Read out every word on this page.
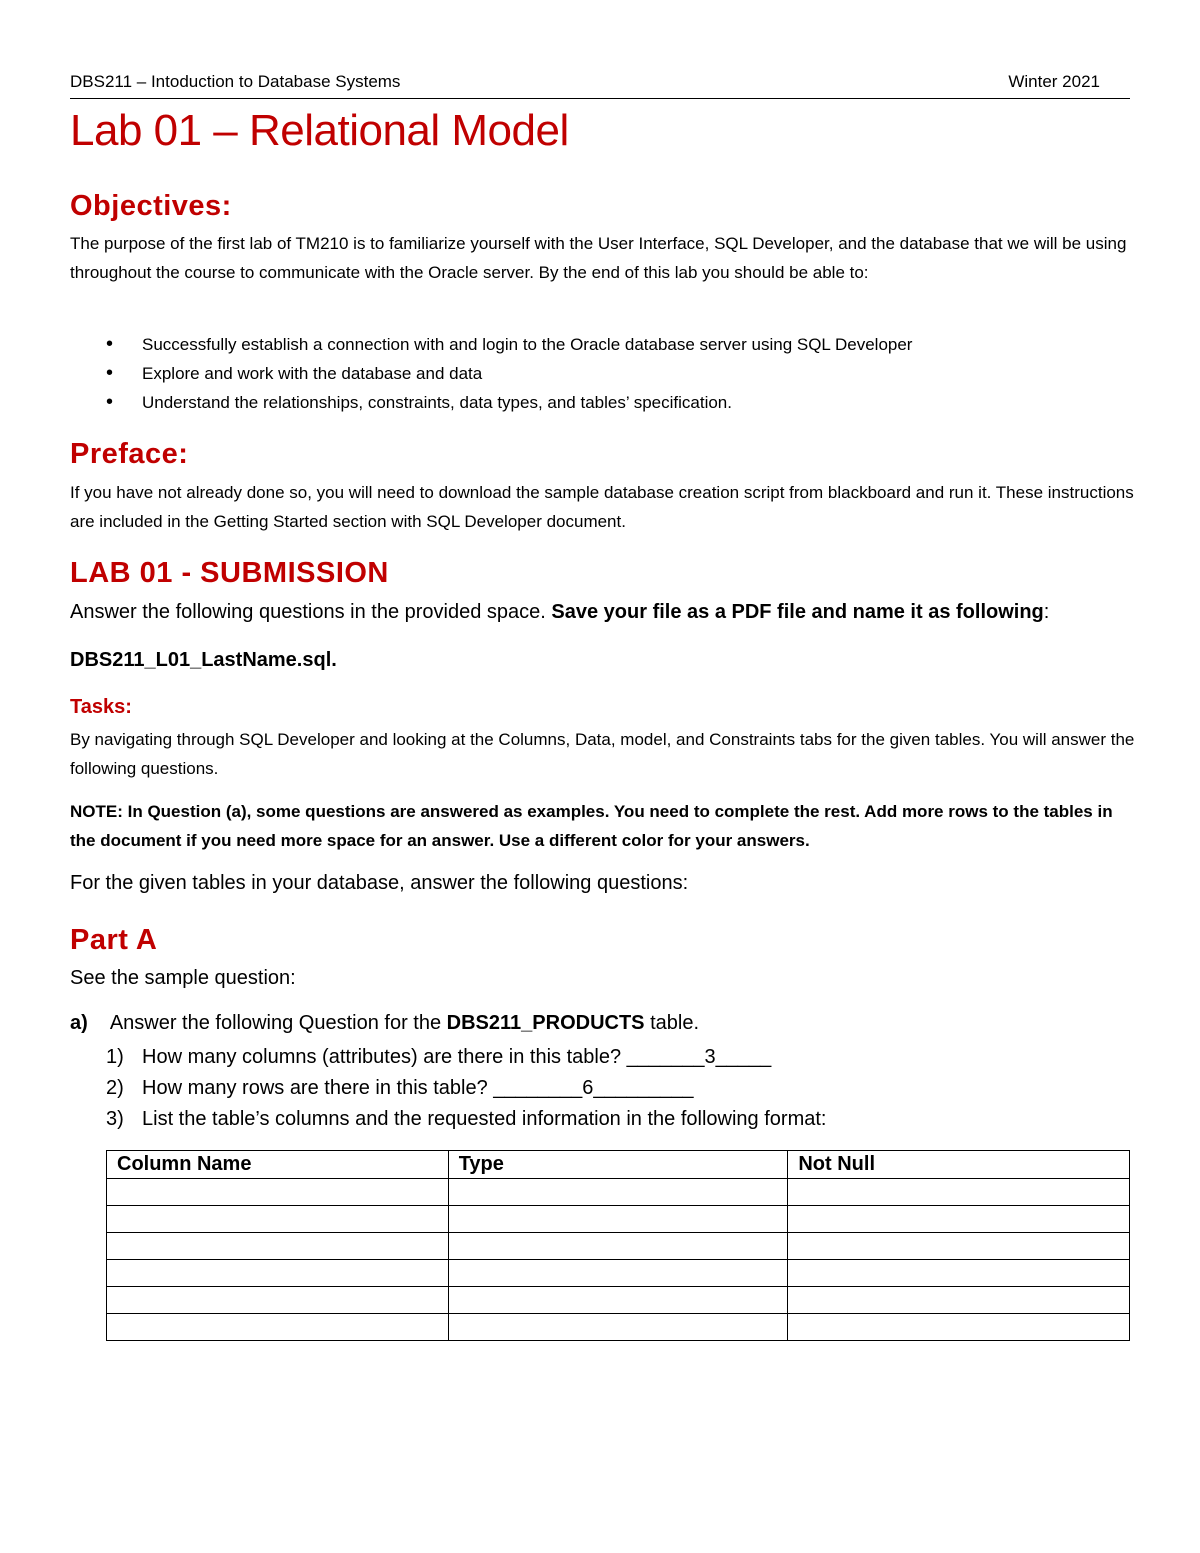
DBS211 – Intoduction to Database Systems	Winter 2021
Lab 01 – Relational Model
Objectives:
The purpose of the first lab of TM210 is to familiarize yourself with the User Interface, SQL Developer, and the database that we will be using throughout the course to communicate with the Oracle server. By the end of this lab you should be able to:
• Successfully establish a connection with and login to the Oracle database server using SQL Developer
• Explore and work with the database and data
• Understand the relationships, constraints, data types, and tables’ specification.
Preface:
If you have not already done so, you will need to download the sample database creation script from blackboard and run it. These instructions are included in the Getting Started section with SQL Developer document.
LAB 01 - SUBMISSION
Answer the following questions in the provided space. Save your file as a PDF file and name it as following:
DBS211_L01_LastName.sql.
Tasks:
By navigating through SQL Developer and looking at the Columns, Data, model, and Constraints tabs for the given tables. You will answer the following questions.
NOTE: In Question (a), some questions are answered as examples. You need to complete the rest. Add more rows to the tables in the document if you need more space for an answer. Use a different color for your answers.
For the given tables in your database, answer the following questions:
Part A
See the sample question:
a) Answer the following Question for the DBS211_PRODUCTS table.
1) How many columns (attributes) are there in this table? _______3_____
2) How many rows are there in this table? ________6_________
3) List the table’s columns and the requested information in the following format:
Column Name	Type	Not Null
